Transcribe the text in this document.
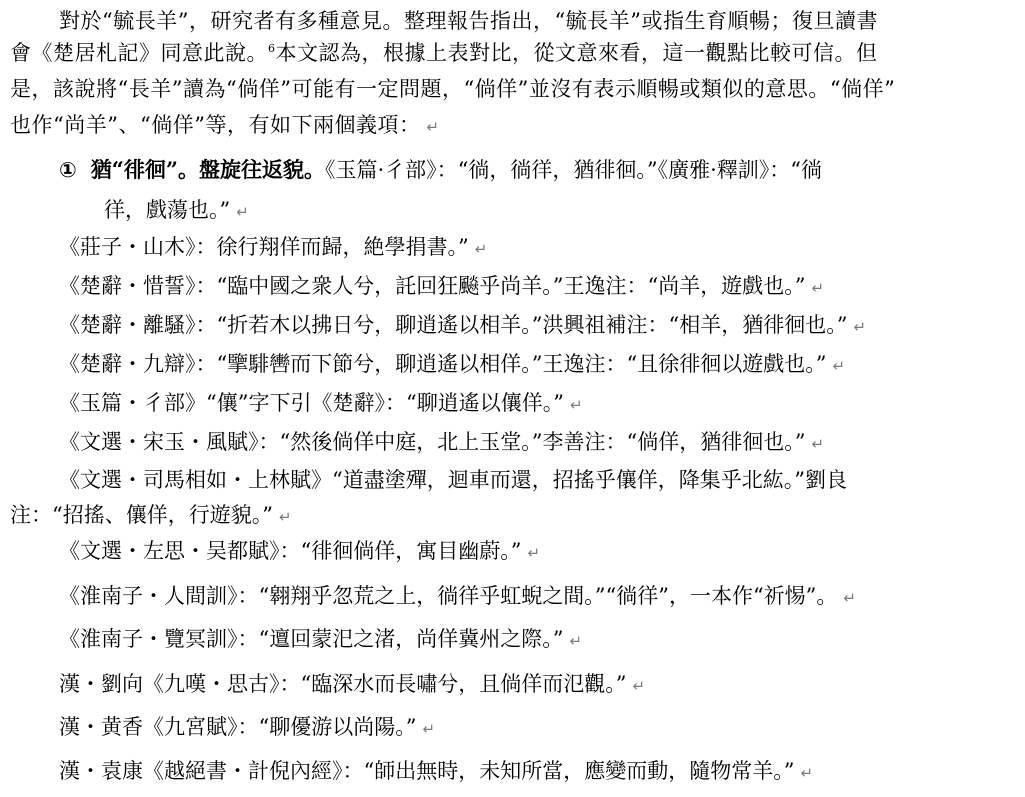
對於“毓長羊”，研究者有多種意見。整理報告指出，“毓長羊”或指生育順暢；復旦讀書
會《楚居札記》同意此說。$^6$本文認為，根據上表對比，從文意來看，這一觀點比較可信。但
是，該說將“長羊”讀為“倘佯”可能有一定問題，“倘佯”並沒有表示順暢或類似的意思。“倘佯”
也作“尚羊”、“倘佯”等，有如下兩個義項： ↵
① 猶“徘徊”。盤旋往返貌。《玉篇·彳部》：“徜，徜徉，猶徘徊。”《廣雅·釋訓》：“徜
徉，戲蕩也。” ↵
《莊子・山木》：徐行翔佯而歸，絶學捐書。” ↵
《楚辭・惜誓》：“臨中國之衆人兮，託回狂飈乎尚羊。”王逸注：“尚羊，遊戲也。” ↵
《楚辭・離騷》：“折若木以拂日兮，聊逍遙以相羊。”洪興祖補注：“相羊，猶徘徊也。” ↵
《楚辭・九辯》：“擥騑轡而下節兮，聊逍遙以相佯。”王逸注：“且徐徘徊以遊戲也。” ↵
《玉篇・彳部》“儴”字下引《楚辭》：“聊逍遙以儴佯。” ↵
《文選・宋玉・風賦》：“然後倘佯中庭，北上玉堂。”李善注：“倘佯，猶徘徊也。” ↵
《文選・司馬相如・上林賦》“道盡塗殫，迴車而還，招搖乎儴佯，降集乎北紘。”劉良
注：“招搖、儴佯，行遊貌。” ↵
《文選・左思・吴都賦》：“徘徊倘佯，寓目幽蔚。” ↵
《淮南子・人間訓》：“翱翔乎忽荒之上，徜徉乎虹蜺之間。”“徜徉”，一本作“祈惕”。 ↵
《淮南子・覽冥訓》：“邅回蒙汜之渚，尚佯冀州之際。” ↵
漢・劉向《九嘆・思古》：“臨深水而長嘯兮，且倘佯而氾觀。” ↵
漢・黄香《九宮賦》：“聊優游以尚陽。” ↵
漢・袁康《越絕書・計倪內經》：“師出無時，未知所當，應變而動，隨物常羊。” ↵
